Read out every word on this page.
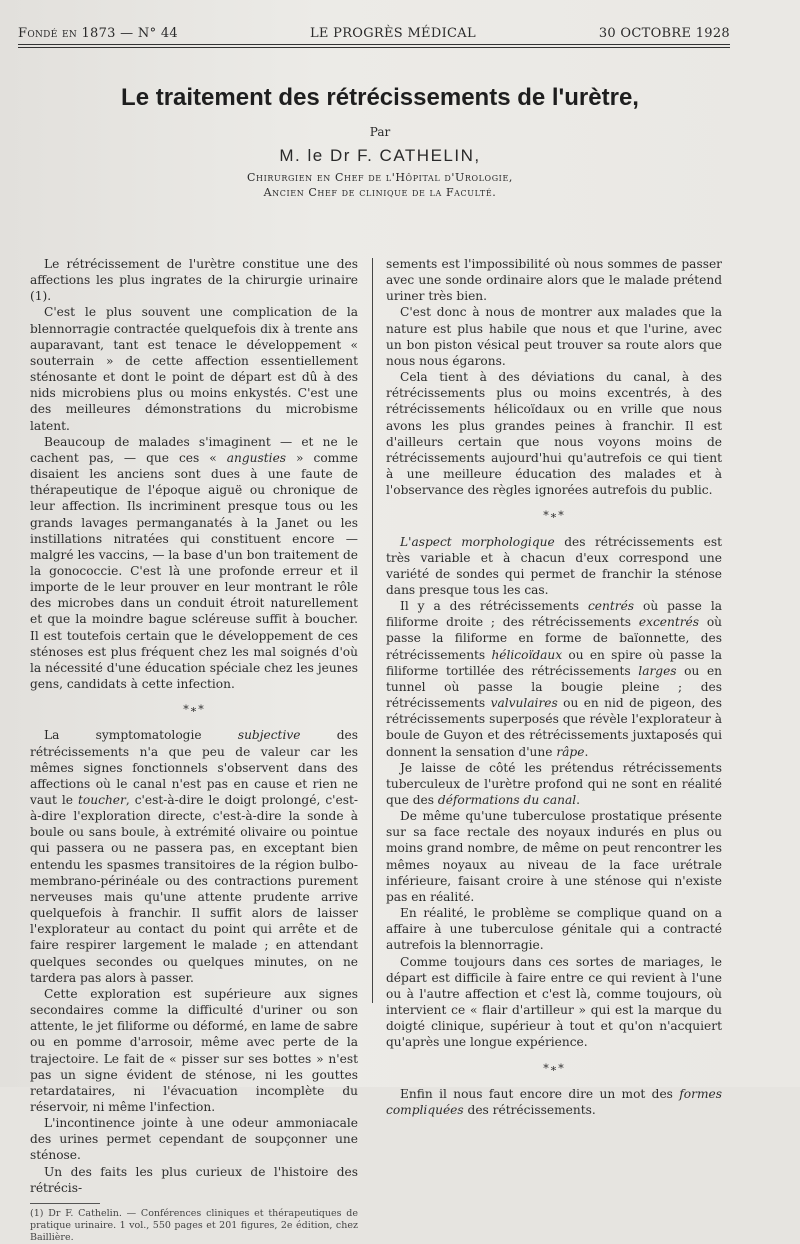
Fondé en 1873 — N° 44	LE PROGRÈS MÉDICAL	30 OCTOBRE 1928
Le traitement des rétrécissements de l'urètre,
Par
M. le Dr F. CATHELIN,
Chirurgien en Chef de l'Hôpital d'Urologie,
Ancien Chef de clinique de la Faculté.

Le rétrécissement de l'urètre constitue une des affections les plus ingrates de la chirurgie urinaire (1).

C'est le plus souvent une complication de la blennorragie contractée quelquefois dix à trente ans auparavant, tant est tenace le développement « souterrain » de cette affection essentiellement sténosante et dont le point de départ est dû à des nids microbiens plus ou moins enkystés. C'est une des meilleures démonstrations du microbisme latent.

Beaucoup de malades s'imaginent — et ne le cachent pas, — que ces « angusties » comme disaient les anciens sont dues à une faute de thérapeutique de l'époque aiguë ou chronique de leur affection. Ils incriminent presque tous ou les grands lavages permanganatés à la Janet ou les instillations nitratées qui constituent encore — malgré les vaccins, — la base d'un bon traitement de la gonococcie. C'est là une profonde erreur et il importe de le leur prouver en leur montrant le rôle des microbes dans un conduit étroit naturellement et que la moindre bague scléreuse suffit à boucher. Il est toutefois certain que le développement de ces sténoses est plus fréquent chez les mal soignés d'où la nécessité d'une éducation spéciale chez les jeunes gens, candidats à cette infection.

*∗*

La symptomatologie subjective des rétrécissements n'a que peu de valeur car les mêmes signes fonctionnels s'observent dans des affections où le canal n'est pas en cause et rien ne vaut le toucher, c'est-à-dire le doigt prolongé, c'est-à-dire l'exploration directe, c'est-à-dire la sonde à boule ou sans boule, à extrémité olivaire ou pointue qui passera ou ne passera pas, en exceptant bien entendu les spasmes transitoires de la région bulbo-membrano-périnéale ou des contractions purement nerveuses mais qu'une attente prudente arrive quelquefois à franchir. Il suffit alors de laisser l'explorateur au contact du point qui arrête et de faire respirer largement le malade ; en attendant quelques secondes ou quelques minutes, on ne tardera pas alors à passer.

Cette exploration est supérieure aux signes secondaires comme la difficulté d'uriner ou son attente, le jet filiforme ou déformé, en lame de sabre ou en pomme d'arrosoir, même avec perte de la trajectoire. Le fait de « pisser sur ses bottes » n'est pas un signe évident de sténose, ni les gouttes retardataires, ni l'évacuation incomplète du réservoir, ni même l'infection.

L'incontinence jointe à une odeur ammoniacale des urines permet cependant de soupçonner une sténose.

Un des faits les plus curieux de l'histoire des rétrécis-

(1) Dr F. Cathelin. — Conférences cliniques et thérapeutiques de pratique urinaire. 1 vol., 550 pages et 201 figures, 2e édition, chez Baillière.

sements est l'impossibilité où nous sommes de passer avec une sonde ordinaire alors que le malade prétend uriner très bien.

C'est donc à nous de montrer aux malades que la nature est plus habile que nous et que l'urine, avec un bon piston vésical peut trouver sa route alors que nous nous égarons.

Cela tient à des déviations du canal, à des rétrécissements plus ou moins excentrés, à des rétrécissements hélicoïdaux ou en vrille que nous avons les plus grandes peines à franchir. Il est d'ailleurs certain que nous voyons moins de rétrécissements aujourd'hui qu'autrefois ce qui tient à une meilleure éducation des malades et à l'observance des règles ignorées autrefois du public.

*∗*

L'aspect morphologique des rétrécissements est très variable et à chacun d'eux correspond une variété de sondes qui permet de franchir la sténose dans presque tous les cas.

Il y a des rétrécissements centrés où passe la filiforme droite ; des rétrécissements excentrés où passe la filiforme en forme de baïonnette, des rétrécissements hélicoïdaux ou en spire où passe la filiforme tortillée des rétrécissements larges ou en tunnel où passe la bougie pleine ; des rétrécissements valvulaires ou en nid de pigeon, des rétrécissements superposés que révèle l'explorateur à boule de Guyon et des rétrécissements juxtaposés qui donnent la sensation d'une râpe.

Je laisse de côté les prétendus rétrécissements tuberculeux de l'urètre profond qui ne sont en réalité que des déformations du canal.

De même qu'une tuberculose prostatique présente sur sa face rectale des noyaux indurés en plus ou moins grand nombre, de même on peut rencontrer les mêmes noyaux au niveau de la face urétrale inférieure, faisant croire à une sténose qui n'existe pas en réalité.

En réalité, le problème se complique quand on a affaire à une tuberculose génitale qui a contracté autrefois la blennorragie.

Comme toujours dans ces sortes de mariages, le départ est difficile à faire entre ce qui revient à l'une ou à l'autre affection et c'est là, comme toujours, où intervient ce « flair d'artilleur » qui est la marque du doigté clinique, supérieur à tout et qu'on n'acquiert qu'après une longue expérience.

*∗*

Enfin il nous faut encore dire un mot des formes compliquées des rétrécissements.
